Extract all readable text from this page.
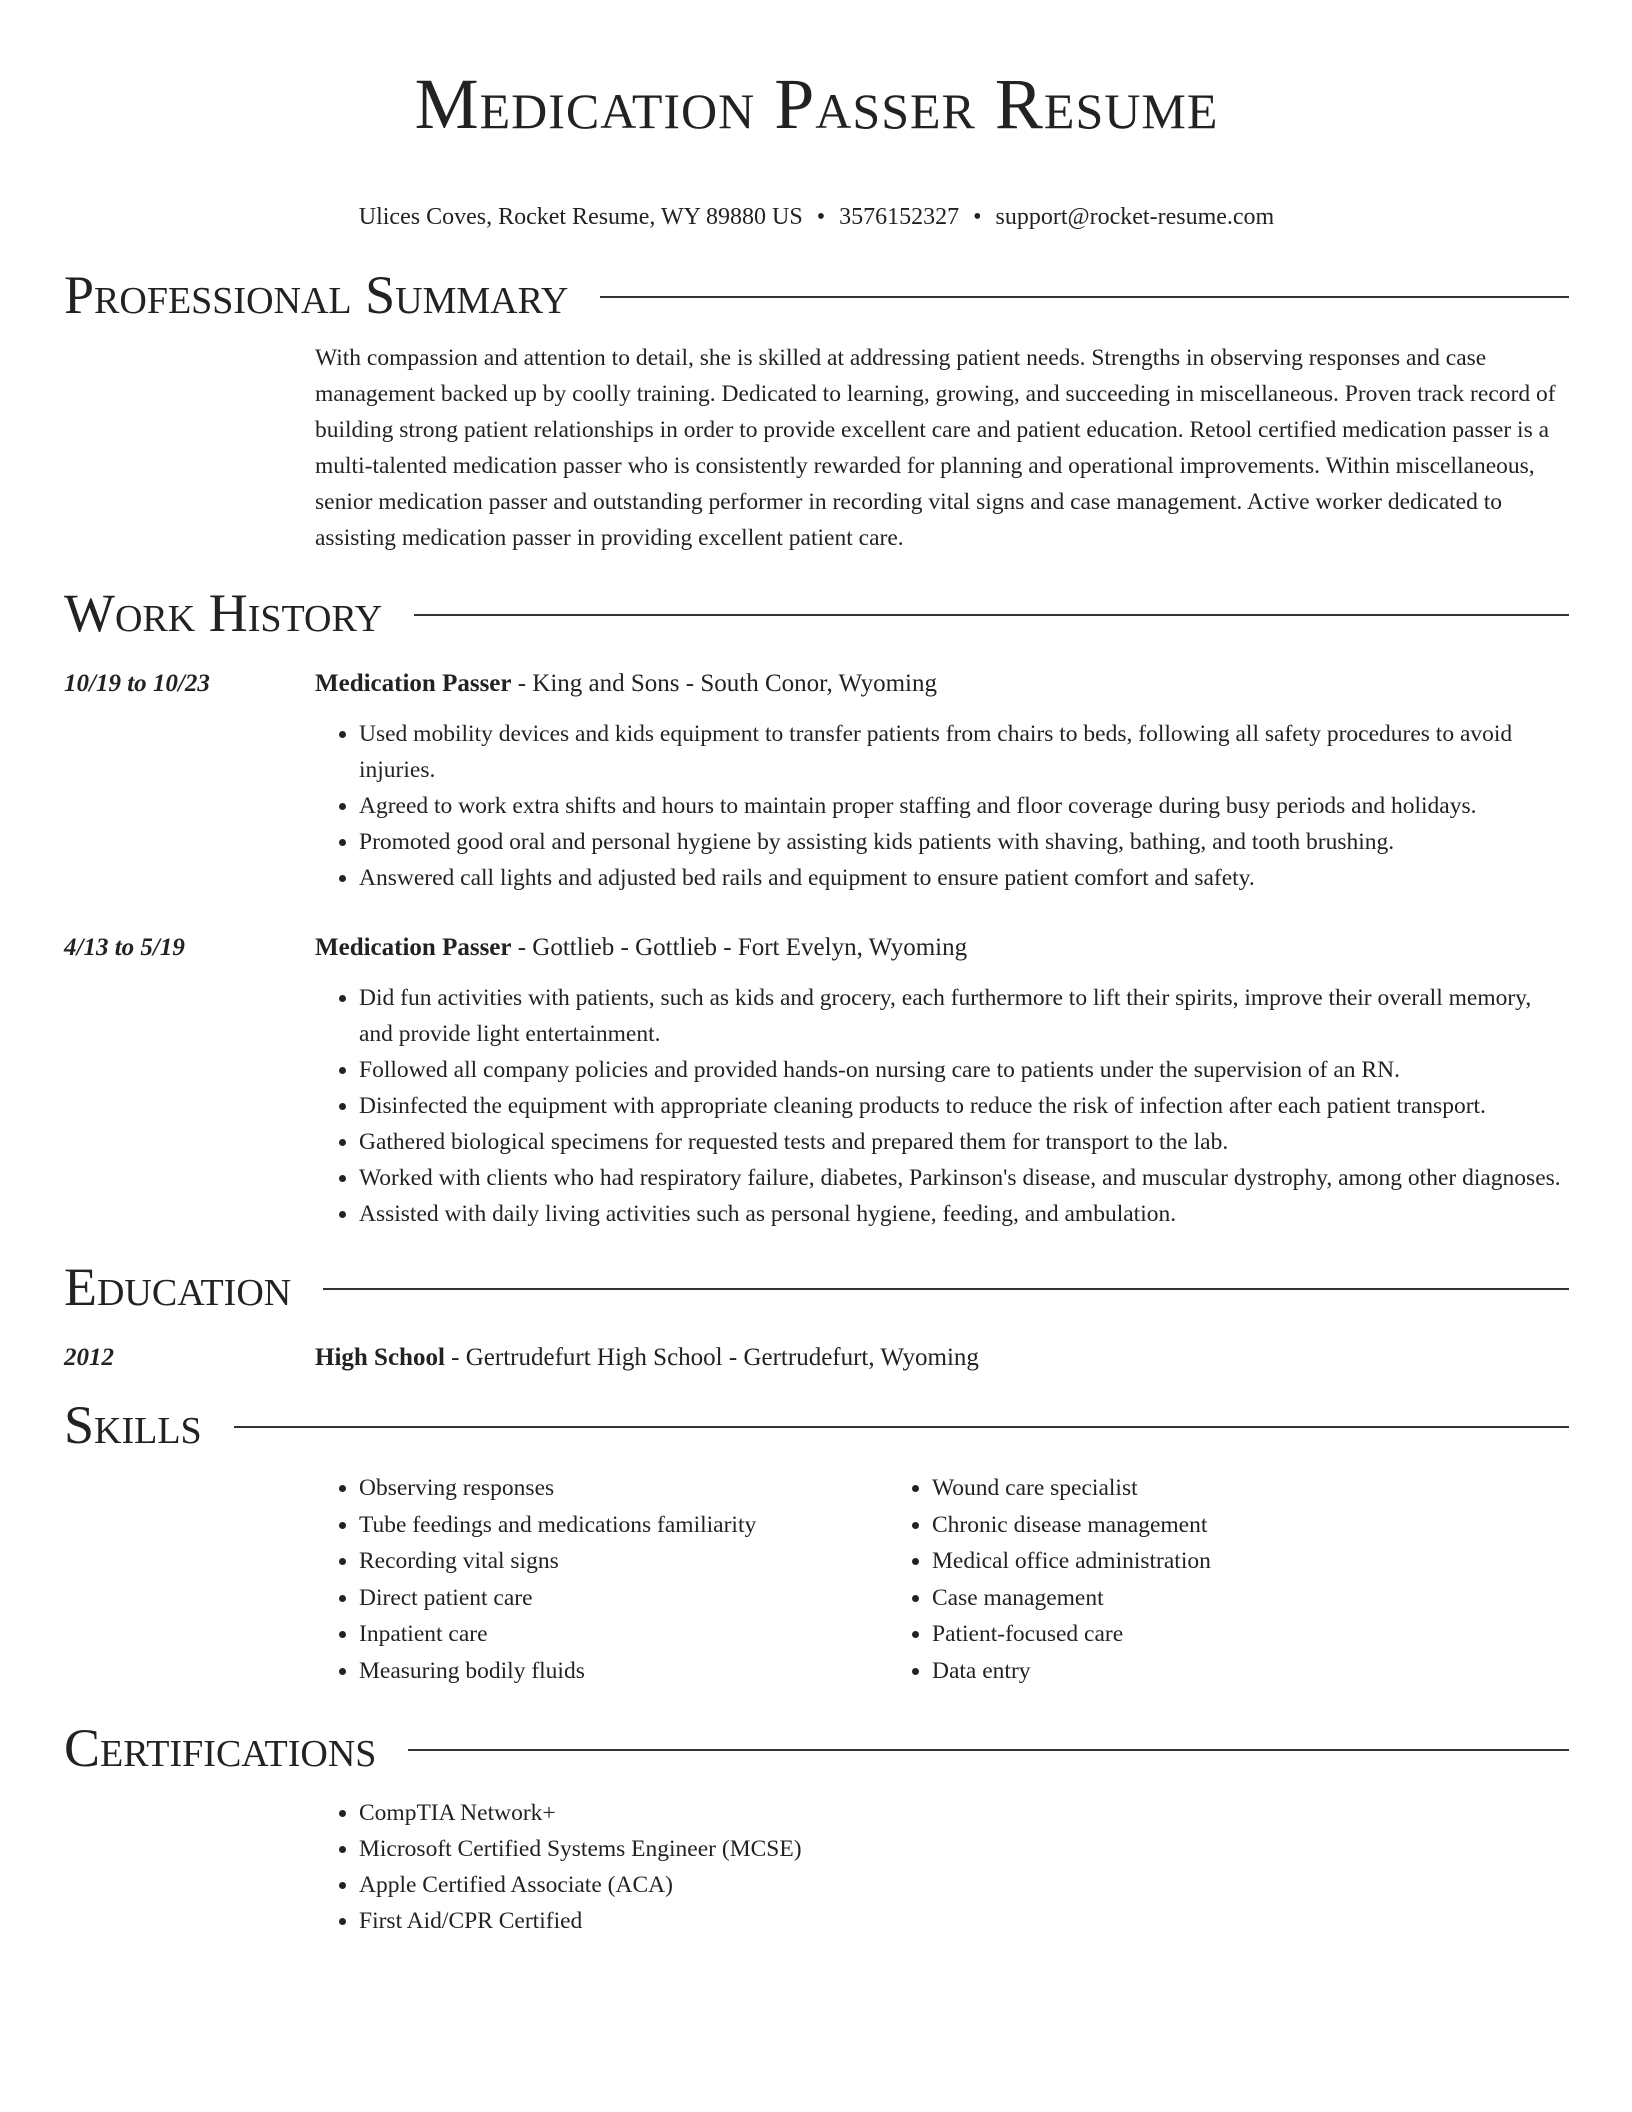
Medication Passer Resume
Ulices Coves, Rocket Resume, WY 89880 US • 3576152327 • support@rocket-resume.com
Professional Summary
With compassion and attention to detail, she is skilled at addressing patient needs. Strengths in observing responses and case management backed up by coolly training. Dedicated to learning, growing, and succeeding in miscellaneous. Proven track record of building strong patient relationships in order to provide excellent care and patient education. Retool certified medication passer is a multi-talented medication passer who is consistently rewarded for planning and operational improvements. Within miscellaneous, senior medication passer and outstanding performer in recording vital signs and case management. Active worker dedicated to assisting medication passer in providing excellent patient care.
Work History
10/19 to 10/23	Medication Passer - King and Sons - South Conor, Wyoming
• Used mobility devices and kids equipment to transfer patients from chairs to beds, following all safety procedures to avoid injuries.
• Agreed to work extra shifts and hours to maintain proper staffing and floor coverage during busy periods and holidays.
• Promoted good oral and personal hygiene by assisting kids patients with shaving, bathing, and tooth brushing.
• Answered call lights and adjusted bed rails and equipment to ensure patient comfort and safety.
4/13 to 5/19	Medication Passer - Gottlieb - Gottlieb - Fort Evelyn, Wyoming
• Did fun activities with patients, such as kids and grocery, each furthermore to lift their spirits, improve their overall memory, and provide light entertainment.
• Followed all company policies and provided hands-on nursing care to patients under the supervision of an RN.
• Disinfected the equipment with appropriate cleaning products to reduce the risk of infection after each patient transport.
• Gathered biological specimens for requested tests and prepared them for transport to the lab.
• Worked with clients who had respiratory failure, diabetes, Parkinson's disease, and muscular dystrophy, among other diagnoses.
• Assisted with daily living activities such as personal hygiene, feeding, and ambulation.
Education
2012	High School - Gertrudefurt High School - Gertrudefurt, Wyoming
Skills
• Observing responses
• Tube feedings and medications familiarity
• Recording vital signs
• Direct patient care
• Inpatient care
• Measuring bodily fluids
• Wound care specialist
• Chronic disease management
• Medical office administration
• Case management
• Patient-focused care
• Data entry
Certifications
• CompTIA Network+
• Microsoft Certified Systems Engineer (MCSE)
• Apple Certified Associate (ACA)
• First Aid/CPR Certified
